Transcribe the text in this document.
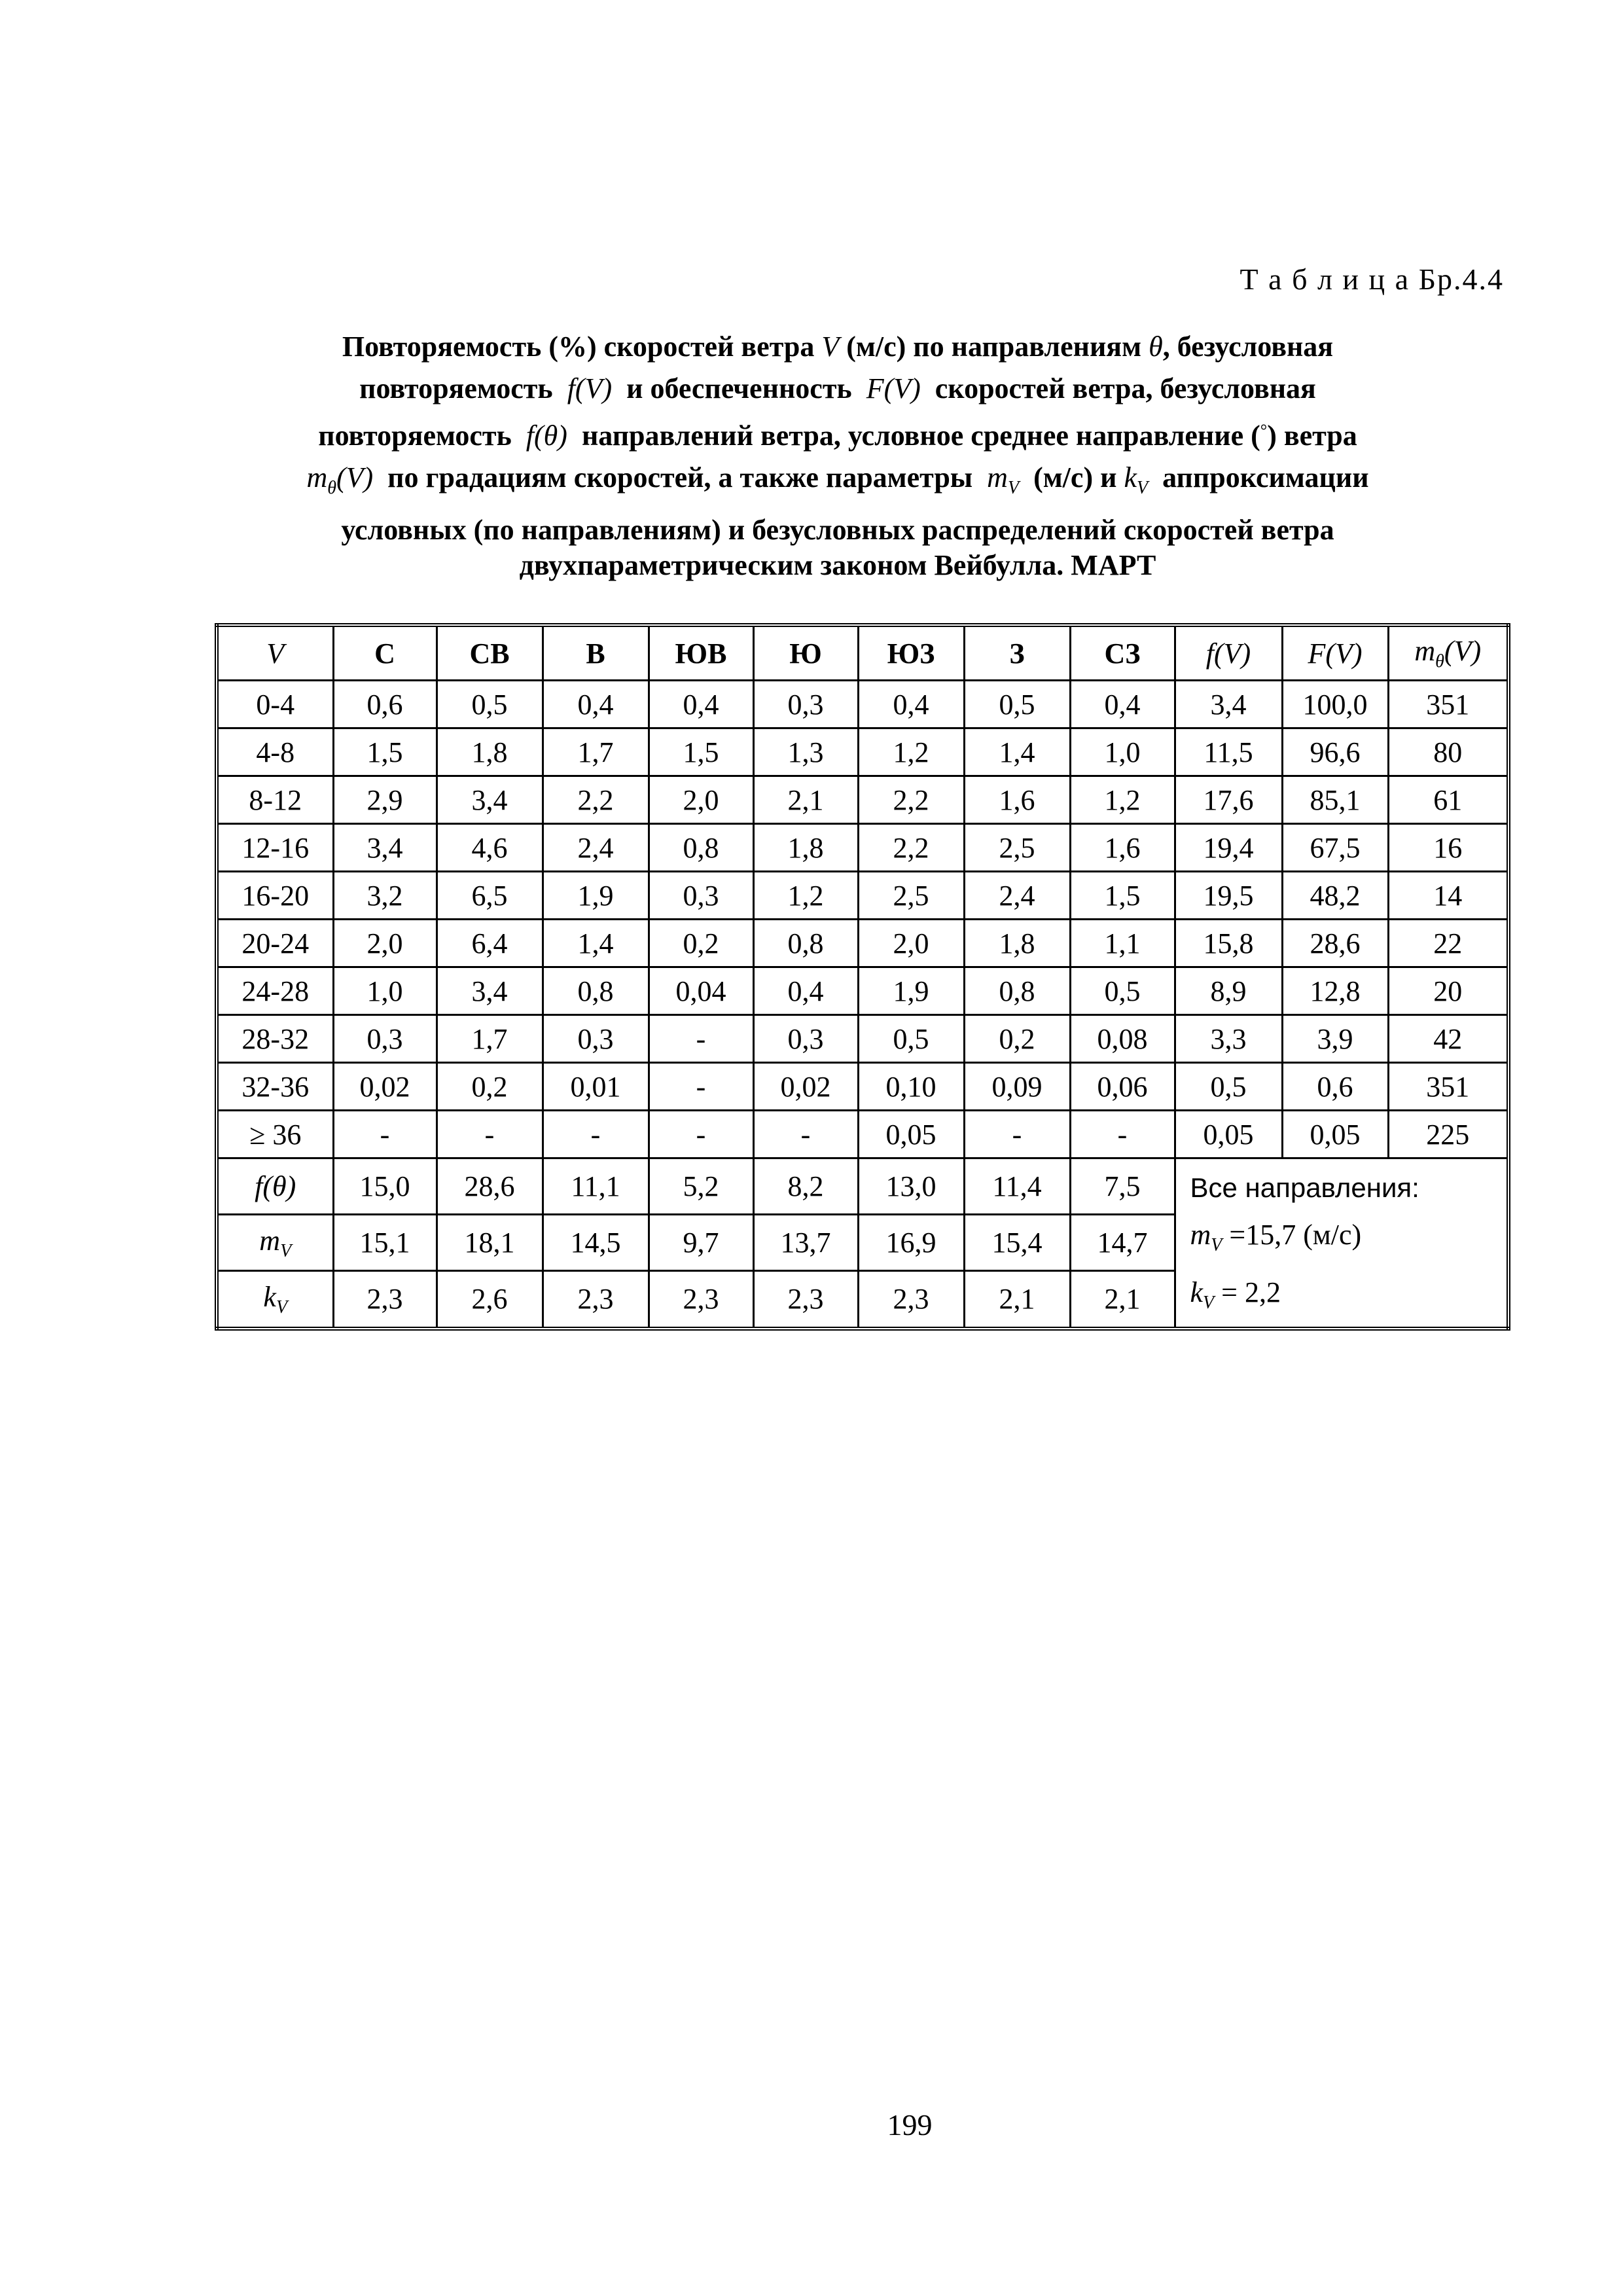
Т а б л и ц а Бр.4.4
Повторяемость (%) скоростей ветра V (м/с) по направлениям θ, безусловная
повторяемость f(V) и обеспеченность F(V) скоростей ветра, безусловная
повторяемость f(θ) направлений ветра, условное среднее направление (°) ветра
$m_\theta(V)$ по градациям скоростей, а также параметры $m_V$ (м/с) и $k_V$ аппроксимации
условных (по направлениям) и безусловных распределений скоростей ветра
двухпараметрическим законом Вейбулла. МАРТ
V	С	СВ	В	ЮВ	Ю	ЮЗ	З	СЗ	f(V)	F(V)	$m_\theta(V)$
0-4	0,6	0,5	0,4	0,4	0,3	0,4	0,5	0,4	3,4	100,0	351
4-8	1,5	1,8	1,7	1,5	1,3	1,2	1,4	1,0	11,5	96,6	80
8-12	2,9	3,4	2,2	2,0	2,1	2,2	1,6	1,2	17,6	85,1	61
12-16	3,4	4,6	2,4	0,8	1,8	2,2	2,5	1,6	19,4	67,5	16
16-20	3,2	6,5	1,9	0,3	1,2	2,5	2,4	1,5	19,5	48,2	14
20-24	2,0	6,4	1,4	0,2	0,8	2,0	1,8	1,1	15,8	28,6	22
24-28	1,0	3,4	0,8	0,04	0,4	1,9	0,8	0,5	8,9	12,8	20
28-32	0,3	1,7	0,3	-	0,3	0,5	0,2	0,08	3,3	3,9	42
32-36	0,02	0,2	0,01	-	0,02	0,10	0,09	0,06	0,5	0,6	351
≥ 36	-	-	-	-	-	0,05	-	-	0,05	0,05	225
f(θ)	15,0	28,6	11,1	5,2	8,2	13,0	11,4	7,5	Все направления:
$m_V =15,7$ (м/с)
$k_V = 2,2$		

$m_V$	15,1	18,1	14,5	9,7	13,7	16,9	15,4	14,7			
$k_V$	2,3	2,6	2,3	2,3	2,3	2,3	2,1	2,1			
199
